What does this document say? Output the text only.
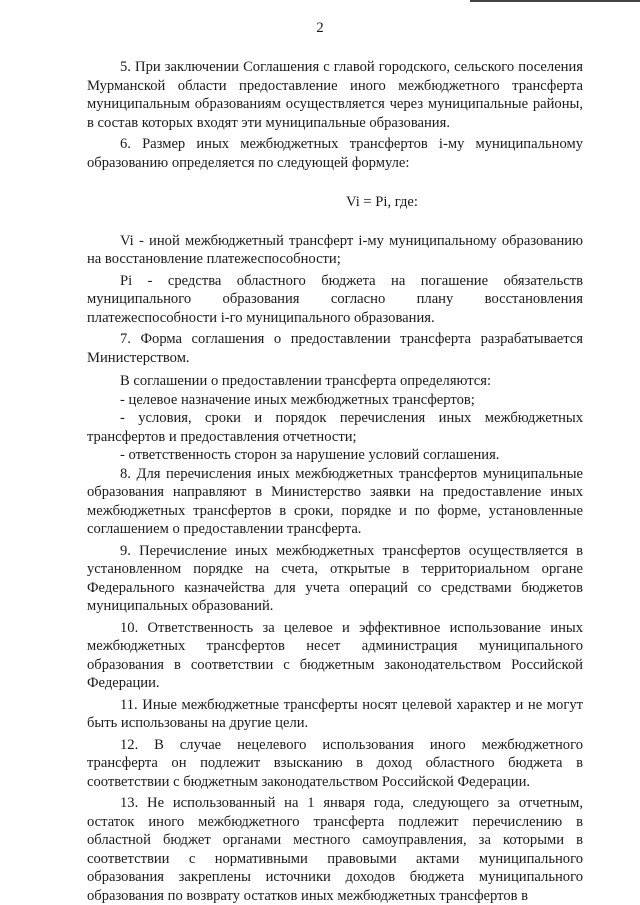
2

5. При заключении Соглашения с главой городского, сельского поселения Мурманской области предоставление иного межбюджетного трансферта муниципальным образованиям осуществляется через муниципальные районы, в состав которых входят эти муниципальные образования.

6. Размер иных межбюджетных трансфертов i-му муниципальному образованию определяется по следующей формуле:

Vi = Pi, где:

Vi - иной межбюджетный трансферт i-му муниципальному образованию на восстановление платежеспособности;

Pi - средства областного бюджета на погашение обязательств муниципального образования согласно плану восстановления платежеспособности i-го муниципального образования.

7. Форма соглашения о предоставлении трансферта разрабатывается Министерством.

В соглашении о предоставлении трансферта определяются:

- целевое назначение иных межбюджетных трансфертов;

- условия, сроки и порядок перечисления иных межбюджетных трансфертов и предоставления отчетности;

- ответственность сторон за нарушение условий соглашения.

8. Для перечисления иных межбюджетных трансфертов муниципальные образования направляют в Министерство заявки на предоставление иных межбюджетных трансфертов в сроки, порядке и по форме, установленные соглашением о предоставлении трансферта.

9. Перечисление иных межбюджетных трансфертов осуществляется в установленном порядке на счета, открытые в территориальном органе Федерального казначейства для учета операций со средствами бюджетов муниципальных образований.

10. Ответственность за целевое и эффективное использование иных межбюджетных трансфертов несет администрация муниципального образования в соответствии с бюджетным законодательством Российской Федерации.

11. Иные межбюджетные трансферты носят целевой характер и не могут быть использованы на другие цели.

12. В случае нецелевого использования иного межбюджетного трансферта он подлежит взысканию в доход областного бюджета в соответствии с бюджетным законодательством Российской Федерации.

13. Не использованный на 1 января года, следующего за отчетным, остаток иного межбюджетного трансферта подлежит перечислению в областной бюджет органами местного самоуправления, за которыми в соответствии с нормативными правовыми актами муниципального образования закреплены источники доходов бюджета муниципального образования по возврату остатков иных межбюджетных трансфертов в
